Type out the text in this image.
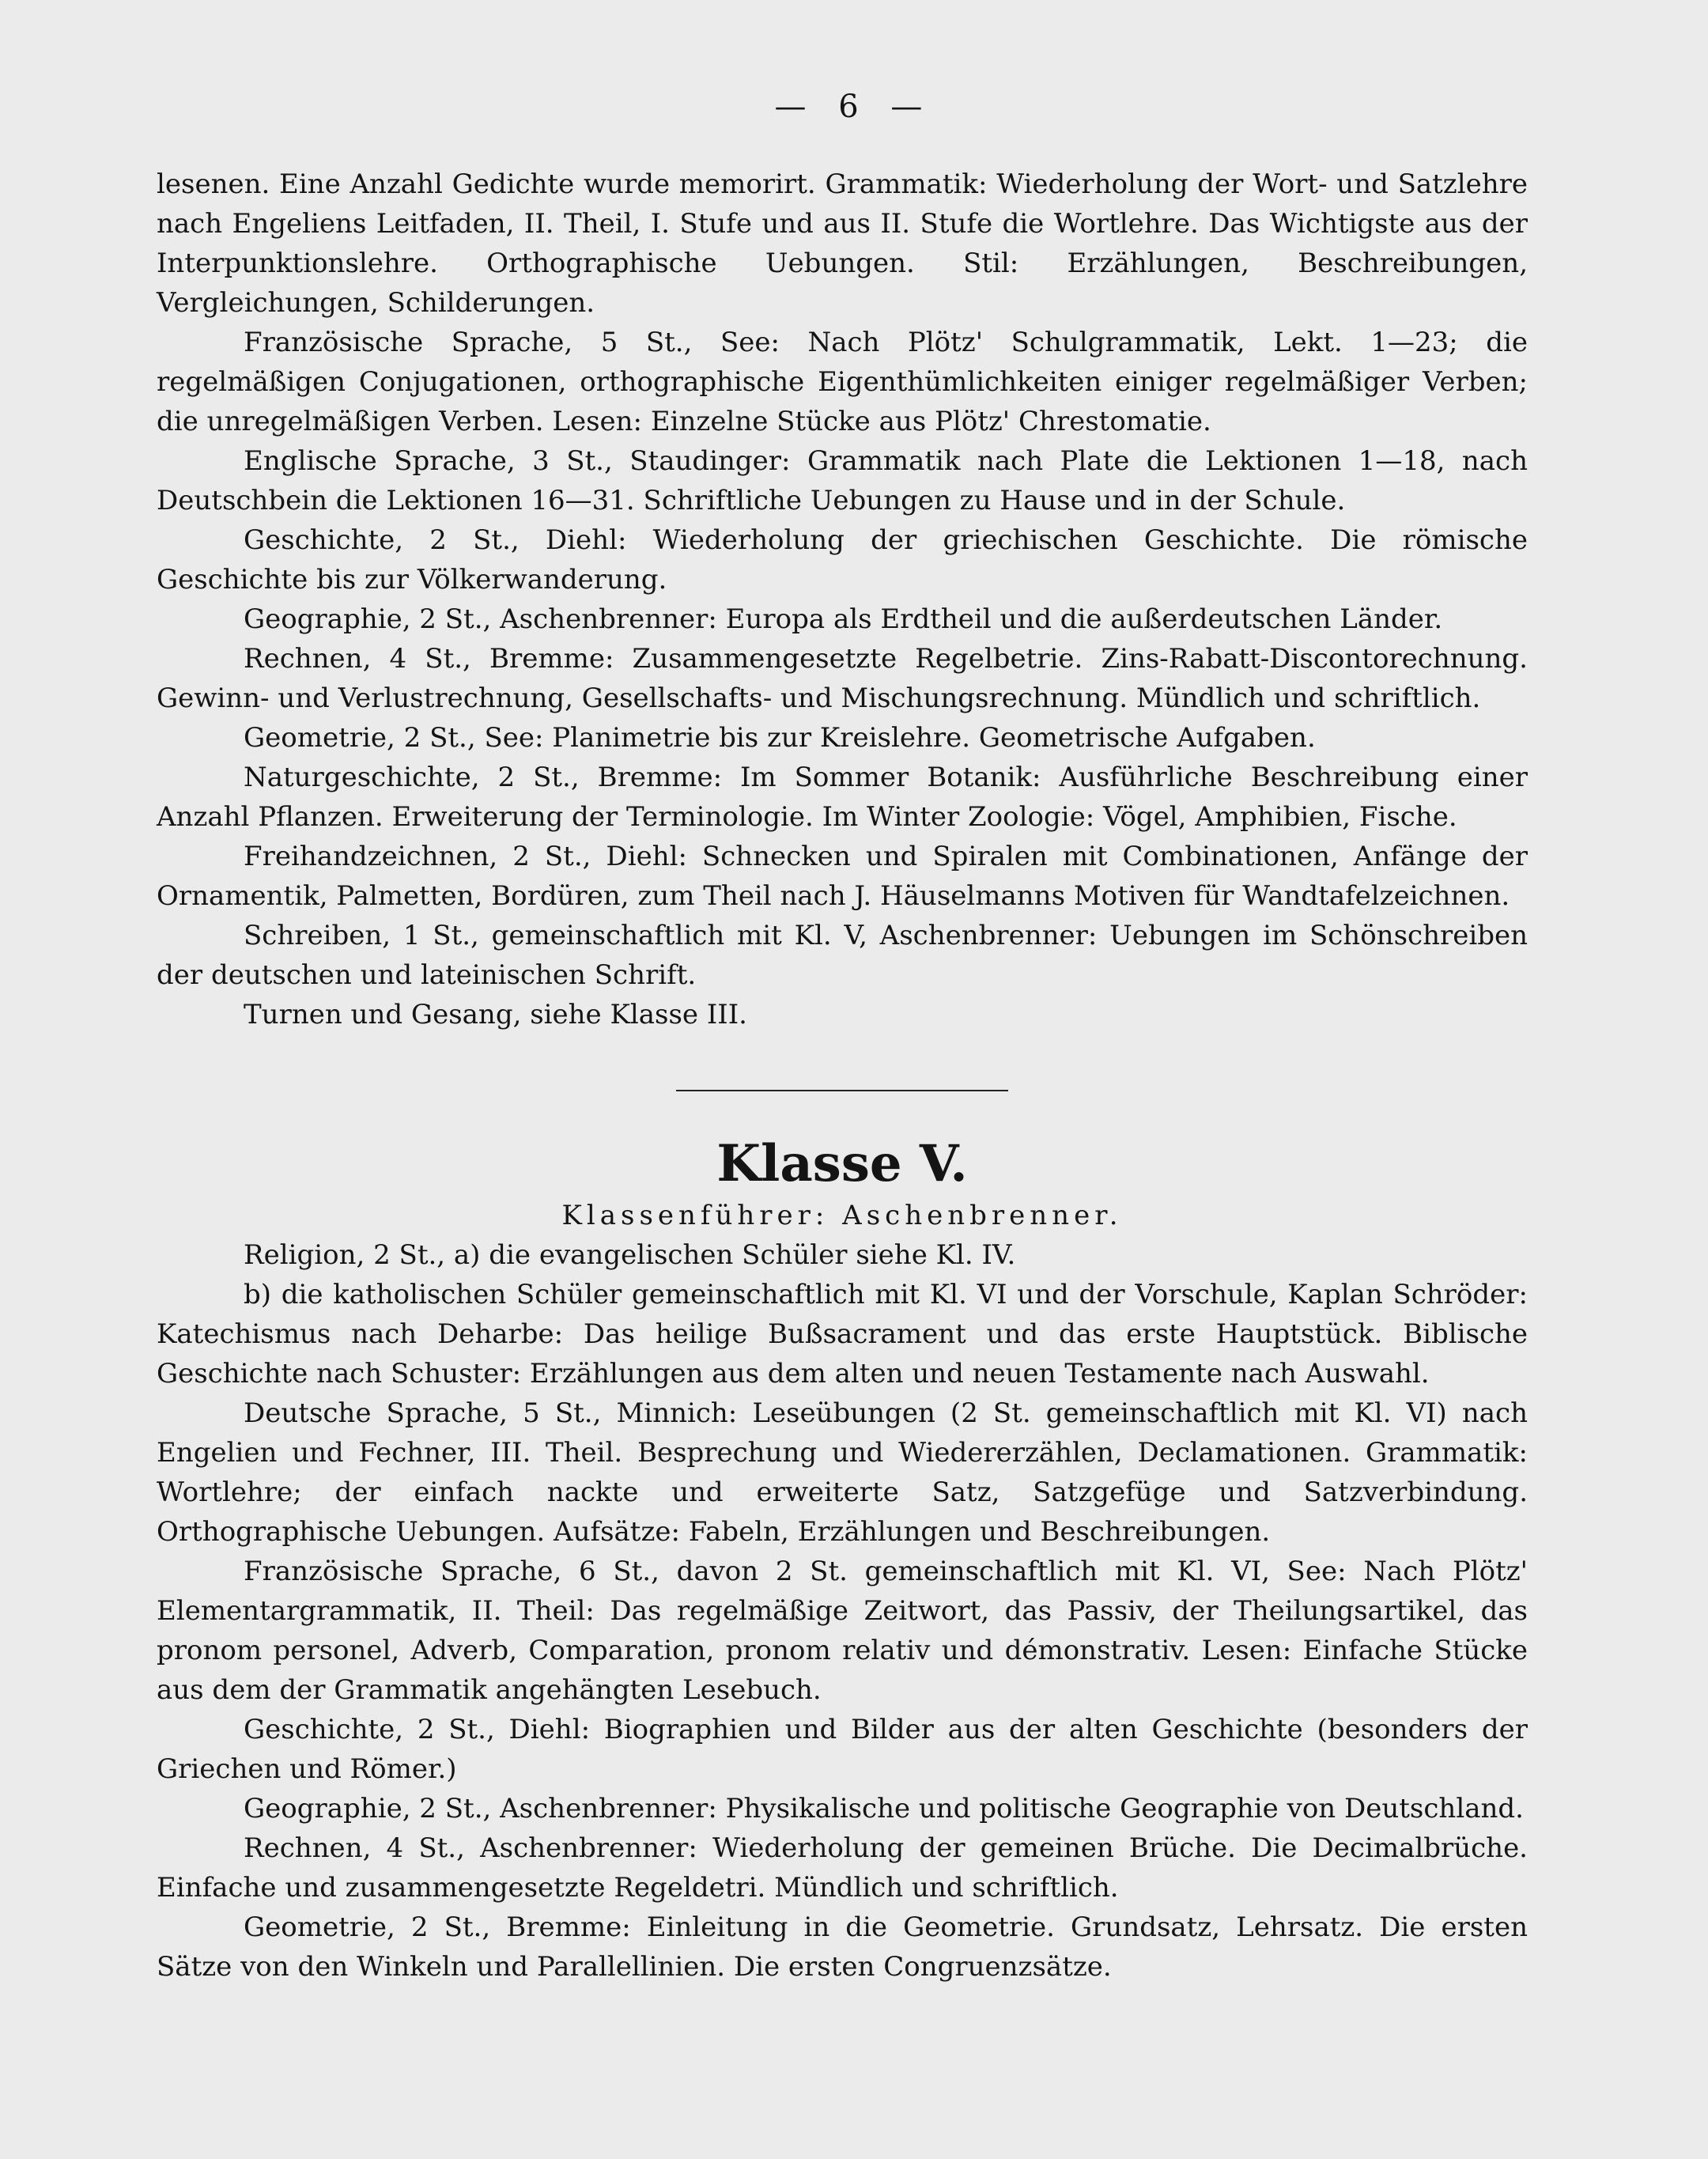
— 6 —

lesenen. Eine Anzahl Gedichte wurde memorirt. Grammatik: Wiederholung der Wort- und Satzlehre nach Engeliens Leitfaden, II. Theil, I. Stufe und aus II. Stufe die Wortlehre. Das Wichtigste aus der Interpunktionslehre. Orthographische Uebungen. Stil: Erzählungen, Beschreibungen, Vergleichungen, Schilderungen.

Französische Sprache, 5 St., See: Nach Plötz' Schulgrammatik, Lekt. 1—23; die regelmäßigen Conjugationen, orthographische Eigenthümlichkeiten einiger regelmäßiger Verben; die unregelmäßigen Verben. Lesen: Einzelne Stücke aus Plötz' Chrestomatie.

Englische Sprache, 3 St., Staudinger: Grammatik nach Plate die Lektionen 1—18, nach Deutschbein die Lektionen 16—31. Schriftliche Uebungen zu Hause und in der Schule.

Geschichte, 2 St., Diehl: Wiederholung der griechischen Geschichte. Die römische Geschichte bis zur Völkerwanderung.

Geographie, 2 St., Aschenbrenner: Europa als Erdtheil und die außerdeutschen Länder.

Rechnen, 4 St., Bremme: Zusammengesetzte Regelbetrie. Zins-Rabatt-Discontorechnung. Gewinn- und Verlustrechnung, Gesellschafts- und Mischungsrechnung. Mündlich und schriftlich.

Geometrie, 2 St., See: Planimetrie bis zur Kreislehre. Geometrische Aufgaben.

Naturgeschichte, 2 St., Bremme: Im Sommer Botanik: Ausführliche Beschreibung einer Anzahl Pflanzen. Erweiterung der Terminologie. Im Winter Zoologie: Vögel, Amphibien, Fische.

Freihandzeichnen, 2 St., Diehl: Schnecken und Spiralen mit Combinationen, Anfänge der Ornamentik, Palmetten, Bordüren, zum Theil nach J. Häuselmanns Motiven für Wandtafelzeichnen.

Schreiben, 1 St., gemeinschaftlich mit Kl. V, Aschenbrenner: Uebungen im Schönschreiben der deutschen und lateinischen Schrift.

Turnen und Gesang, siehe Klasse III.

Klasse V.

Klassenführer: Aschenbrenner.

Religion, 2 St., a) die evangelischen Schüler siehe Kl. IV.

b) die katholischen Schüler gemeinschaftlich mit Kl. VI und der Vorschule, Kaplan Schröder: Katechismus nach Deharbe: Das heilige Bußsacrament und das erste Hauptstück. Biblische Geschichte nach Schuster: Erzählungen aus dem alten und neuen Testamente nach Auswahl.

Deutsche Sprache, 5 St., Minnich: Leseübungen (2 St. gemeinschaftlich mit Kl. VI) nach Engelien und Fechner, III. Theil. Besprechung und Wiedererzählen, Declamationen. Grammatik: Wortlehre; der einfach nackte und erweiterte Satz, Satzgefüge und Satzverbindung. Orthographische Uebungen. Aufsätze: Fabeln, Erzählungen und Beschreibungen.

Französische Sprache, 6 St., davon 2 St. gemeinschaftlich mit Kl. VI, See: Nach Plötz' Elementargrammatik, II. Theil: Das regelmäßige Zeitwort, das Passiv, der Theilungsartikel, das pronom personel, Adverb, Comparation, pronom relativ und démonstrativ. Lesen: Einfache Stücke aus dem der Grammatik angehängten Lesebuch.

Geschichte, 2 St., Diehl: Biographien und Bilder aus der alten Geschichte (besonders der Griechen und Römer.)

Geographie, 2 St., Aschenbrenner: Physikalische und politische Geographie von Deutschland.

Rechnen, 4 St., Aschenbrenner: Wiederholung der gemeinen Brüche. Die Decimalbrüche. Einfache und zusammengesetzte Regeldetri. Mündlich und schriftlich.

Geometrie, 2 St., Bremme: Einleitung in die Geometrie. Grundsatz, Lehrsatz. Die ersten Sätze von den Winkeln und Parallellinien. Die ersten Congruenzsätze.
